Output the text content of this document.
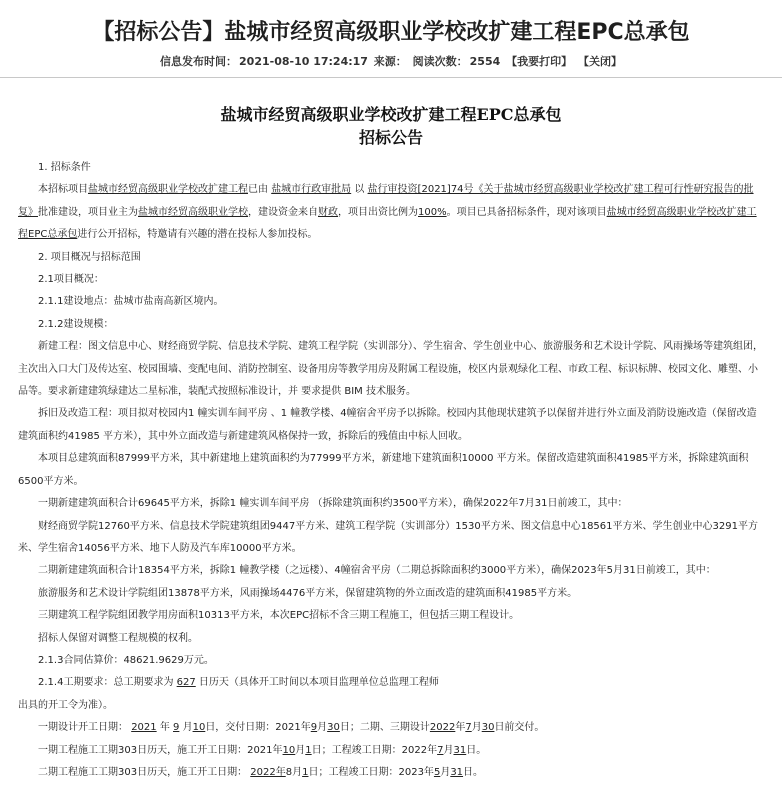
【招标公告】盐城市经贸高级职业学校改扩建工程EPC总承包
信息发布时间： 2021-08-10 17:24:17 来源： 阅读次数： 2554 【我要打印】 【关闭】
盐城市经贸高级职业学校改扩建工程EPC总承包
招标公告

1. 招标条件

本招标项目盐城市经贸高级职业学校改扩建工程已由 盐城市行政审批局 以 盐行审投资[2021]74号《关于盐城市经贸高级职业学校改扩建工程可行性研究报告的批复》批准建设，项目业主为盐城市经贸高级职业学校，建设资金来自财政，项目出资比例为100%。项目已具备招标条件，现对该项目盐城市经贸高级职业学校改扩建工程EPC总承包进行公开招标，特邀请有兴趣的潜在投标人参加投标。

2. 项目概况与招标范围

2.1项目概况：

2.1.1建设地点：盐城市盐南高新区境内。

2.1.2建设规模：

新建工程：图文信息中心、财经商贸学院、信息技术学院、建筑工程学院（实训部分）、学生宿舍、学生创业中心、旅游服务和艺术设计学院、风雨操场等建筑组团，主次出入口大门及传达室、校园围墙、变配电间、消防控制室、设备用房等教学用房及附属工程设施，校区内景观绿化工程、市政工程、标识标牌、校园文化、雕塑、小品等。要求新建建筑绿建达二星标准，装配式按照标准设计，并 要求提供 BIM 技术服务。

拆旧及改造工程：项目拟对校园内1 幢实训车间平房 、1 幢教学楼、4幢宿舍平房予以拆除。校园内其他现状建筑予以保留并进行外立面及消防设施改造（保留改造建筑面积约41985 平方米），其中外立面改造与新建建筑风格保持一致，拆除后的残值由中标人回收。

本项目总建筑面积87999平方米，其中新建地上建筑面积约为77999平方米，新建地下建筑面积10000 平方米。保留改造建筑面积41985平方米，拆除建筑面积6500平方米。

一期新建建筑面积合计69645平方米，拆除1 幢实训车间平房 （拆除建筑面积约3500平方米），确保2022年7月31日前竣工，其中：

财经商贸学院12760平方米、信息技术学院建筑组团9447平方米、建筑工程学院（实训部分）1530平方米、图文信息中心18561平方米、学生创业中心3291平方米、学生宿舍14056平方米、地下人防及汽车库10000平方米。

二期新建建筑面积合计18354平方米，拆除1 幢教学楼（之远楼）、4幢宿舍平房（二期总拆除面积约3000平方米），确保2023年5月31日前竣工，其中：

旅游服务和艺术设计学院组团13878平方米，风雨操场4476平方米，保留建筑物的外立面改造的建筑面积41985平方米。

三期建筑工程学院组团教学用房面积10313平方米，本次EPC招标不含三期工程施工，但包括三期工程设计。

招标人保留对调整工程规模的权利。

2.1.3合同估算价：48621.9629万元。

2.1.4工期要求：总工期要求为 627 日历天（具体开工时间以本项目监理单位总监理工程师

出具的开工令为准）。

一期设计开工日期： 2021 年 9 月10日，交付日期：2021年9月30日；二期、三期设计2022年7月30日前交付。

一期工程施工工期303日历天，施工开工日期：2021年10月1日；工程竣工日期：2022年7月31日。

二期工程施工工期303日历天，施工开工日期： 2022年8月1日；工程竣工日期：2023年5月31日。
